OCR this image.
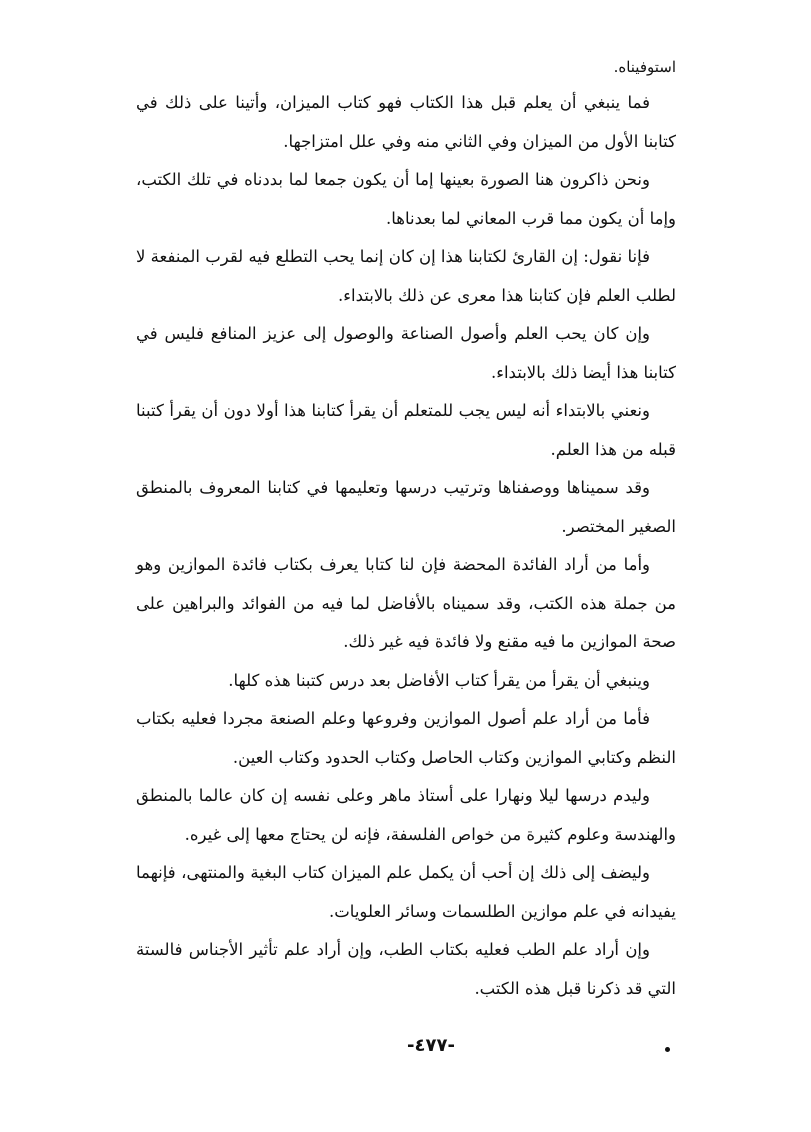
استوفيناه.

فما ينبغي أن يعلم قبل هذا الكتاب فهو كتاب الميزان، وأتينا على ذلك في كتابنا الأول من الميزان وفي الثاني منه وفي علل امتزاجها.

ونحن ذاكرون هنا الصورة بعينها إما أن يكون جمعا لما بددناه في تلك الكتب، وإما أن يكون مما قرب المعاني لما بعدناها.

فإنا نقول: إن القارئ لكتابنا هذا إن كان إنما يحب التطلع فيه لقرب المنفعة لا لطلب العلم فإن كتابنا هذا معرى عن ذلك بالابتداء.

وإن كان يحب العلم وأصول الصناعة والوصول إلى عزيز المنافع فليس في كتابنا هذا أيضا ذلك بالابتداء.

ونعني بالابتداء أنه ليس يجب للمتعلم أن يقرأ كتابنا هذا أولا دون أن يقرأ كتبنا قبله من هذا العلم.

وقد سميناها ووصفناها وترتيب درسها وتعليمها في كتابنا المعروف بالمنطق الصغير المختصر.

وأما من أراد الفائدة المحضة فإن لنا كتابا يعرف بكتاب فائدة الموازين وهو من جملة هذه الكتب، وقد سميناه بالأفاضل لما فيه من الفوائد والبراهين على صحة الموازين ما فيه مقنع ولا فائدة فيه غير ذلك.

وينبغي أن يقرأ من يقرأ كتاب الأفاضل بعد درس كتبنا هذه كلها.

فأما من أراد علم أصول الموازين وفروعها وعلم الصنعة مجردا فعليه بكتاب النظم وكتابي الموازين وكتاب الحاصل وكتاب الحدود وكتاب العين.

وليدم درسها ليلا ونهارا على أستاذ ماهر وعلى نفسه إن كان عالما بالمنطق والهندسة وعلوم كثيرة من خواص الفلسفة، فإنه لن يحتاج معها إلى غيره.

وليضف إلى ذلك إن أحب أن يكمل علم الميزان كتاب البغية والمنتهى، فإنهما يفيدانه في علم موازين الطلسمات وسائر العلويات.

وإن أراد علم الطب فعليه بكتاب الطب، وإن أراد علم تأثير الأجناس فالستة التي قد ذكرنا قبل هذه الكتب.

-٤٧٧-
